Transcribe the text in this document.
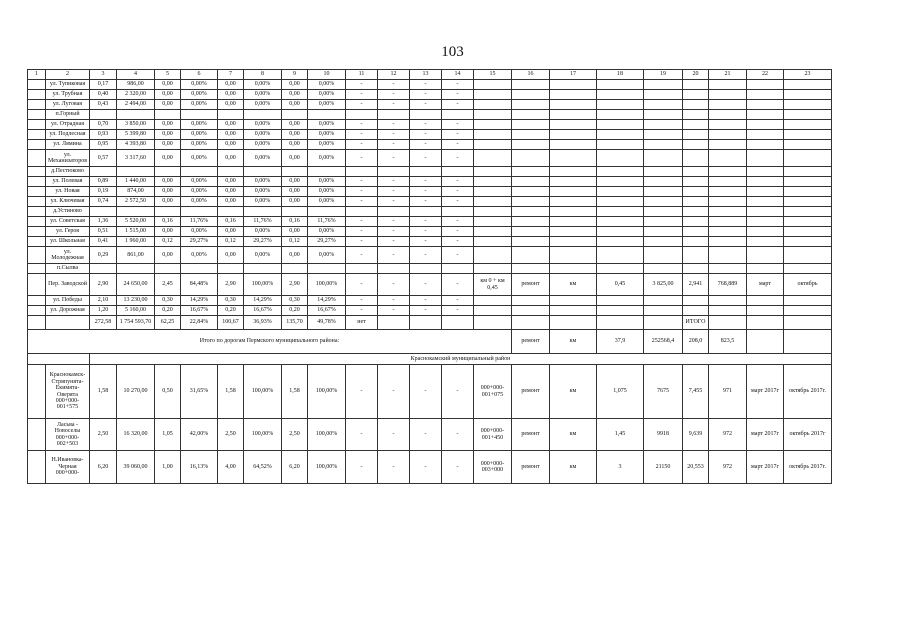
103
1	2	3	4	5	6	7	8	9	10	11	12	13	14	15	16	17	18	19	20	21	22	23
	ул. Тупиковая	0,17	986,00	0,00	0,00%	0,00	0,00%	0,00	0,00%	-	-	-	-									
	ул. Трубная	0,40	2 320,00	0,00	0,00%	0,00	0,00%	0,00	0,00%	-	-	-	-									
	ул. Луговая	0,43	2 494,00	0,00	0,00%	0,00	0,00%	0,00	0,00%	-	-	-	-									
	п.Горный																					
	ул. Отрадная	0,70	3 850,00	0,00	0,00%	0,00	0,00%	0,00	0,00%	-	-	-	-									
	ул. Подлесная	0,93	5 399,80	0,00	0,00%	0,00	0,00%	0,00	0,00%	-	-	-	-									
	ул. Лямина	0,95	4 393,80	0,00	0,00%	0,00	0,00%	0,00	0,00%	-	-	-	-									
	ул. Механизаторов	0,57	3 317,60	0,00	0,00%	0,00	0,00%	0,00	0,00%	-	-	-	-									
	д.Пестюково																					
	ул. Полевая	0,89	1 440,00	0,00	0,00%	0,00	0,00%	0,00	0,00%	-	-	-	-									
	ул. Новая	0,19	874,00	0,00	0,00%	0,00	0,00%	0,00	0,00%	-	-	-	-									
	ул. Ключевая	0,74	2 572,50	0,00	0,00%	0,00	0,00%	0,00	0,00%	-	-	-	-									
	д.Устиново																					
	ул. Советская	1,36	5 520,00	0,16	11,76%	0,16	11,76%	0,16	11,76%	-	-	-	-									
	ул. Героя	0,51	1 515,00	0,00	0,00%	0,00	0,00%	0,00	0,00%	-	-	-	-									
	ул. Школьная	0,41	1 960,00	0,12	29,27%	0,12	29,27%	0,12	29,27%	-	-	-	-									
	ул. Молодежная	0,29	861,00	0,00	0,00%	0,00	0,00%	0,00	0,00%	-	-	-	-									
	п.Сылва																					
	Пер. Заводской	2,90	24 650,00	2,45	84,48%	2,90	100,00%	2,90	100,00%	-	-	-	-	км 0 + км 0,45	ремонт	км	0,45	3 825,00	2,941	768,889	март	октябрь
	ул. Победы	2,10	13 230,00	0,30	14,29%	0,30	14,29%	0,30	14,29%	-	-	-	-									
	ул. Дорожная	1,20	5 160,00	0,20	16,67%	0,20	16,67%	0,20	16,67%	-	-	-	-									
		272,58	1 754 593,70	62,25	22,84%	100,67	36,93%	135,70	49,78%	нет									ИТОГО			
Итого по дорогам Пермского муниципального района:															ремонт	км	37,9	252568,4	208,0	823,5		
		Краснокамский муниципальный район																				
	Краснокамск-Стряпунята-Екимята-Оверята 000+000-001+575	1,58	10 270,00	0,50	31,65%	1,58	100,00%	1,58	100,00%	-	-	-	-	000+000-001+075	ремонт	км	1,075	7675	7,455	971	март 2017г	октябрь 2017г.
	Ласьва - Новоселы 000+000-002+503	2,50	16 320,00	1,05	42,00%	2,50	100,00%	2,50	100,00%	-	-	-	-	000+000-001+450	ремонт	км	1,45	9918	9,639	972	март 2017г	октябрь 2017г
	Н.Ивановка-Черная 000+000-	6,20	39 060,00	1,00	16,13%	4,00	64,52%	6,20	100,00%	-	-	-	-	000+000-003+000	ремонт	км	3	21150	20,553	972	март 2017г	октябрь 2017г.
